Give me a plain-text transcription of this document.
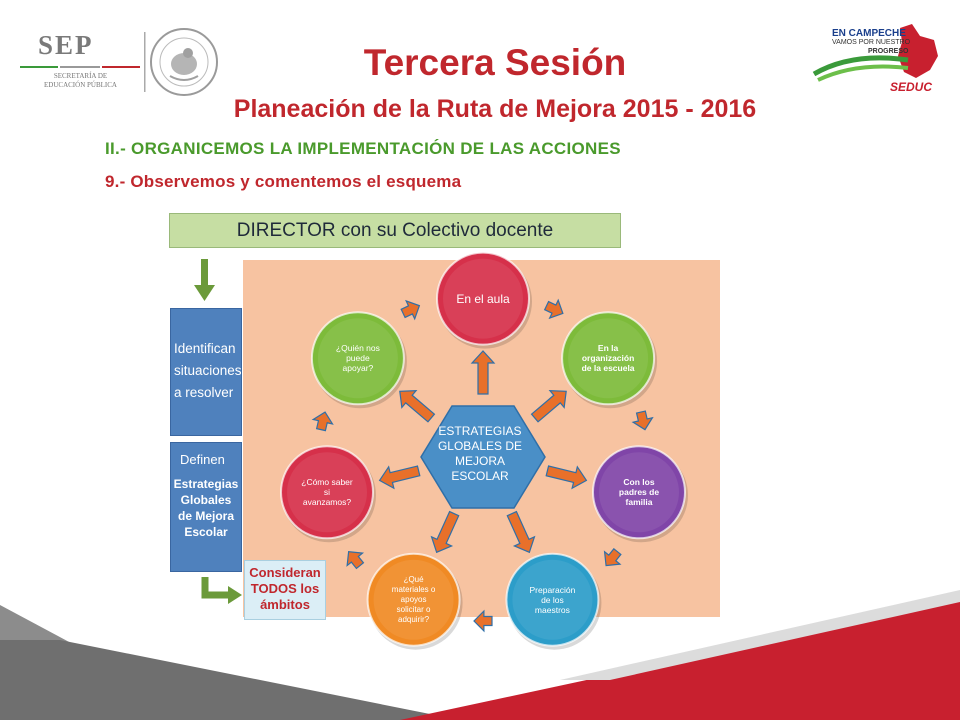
SEP
SECRETARÍA DE
EDUCACIÓN PÚBLICA
EN CAMPECHE
VAMOS POR NUESTRO
PROGRESO
SEDUC
Tercera Sesión
Planeación de la Ruta de Mejora 2015 - 2016
II.- ORGANICEMOS LA IMPLEMENTACIÓN DE LAS ACCIONES
9.- Observemos y comentemos el esquema
DIRECTOR con su Colectivo docente
Identifican
situaciones
a resolver
Definen
Estrategias
Globales
de Mejora
Escolar
Consideran
TODOS los
ámbitos
ESTRATEGIAS
GLOBALES DE
MEJORA
ESCOLAR
En el aula
En la
organización
de la escuela
Con los
padres de
familia
Preparación
de los
maestros
¿Qué
materiales o
apoyos
solicitar o
adquirir?
¿Cómo saber
si
avanzamos?
¿Quién nos
puede
apoyar?
